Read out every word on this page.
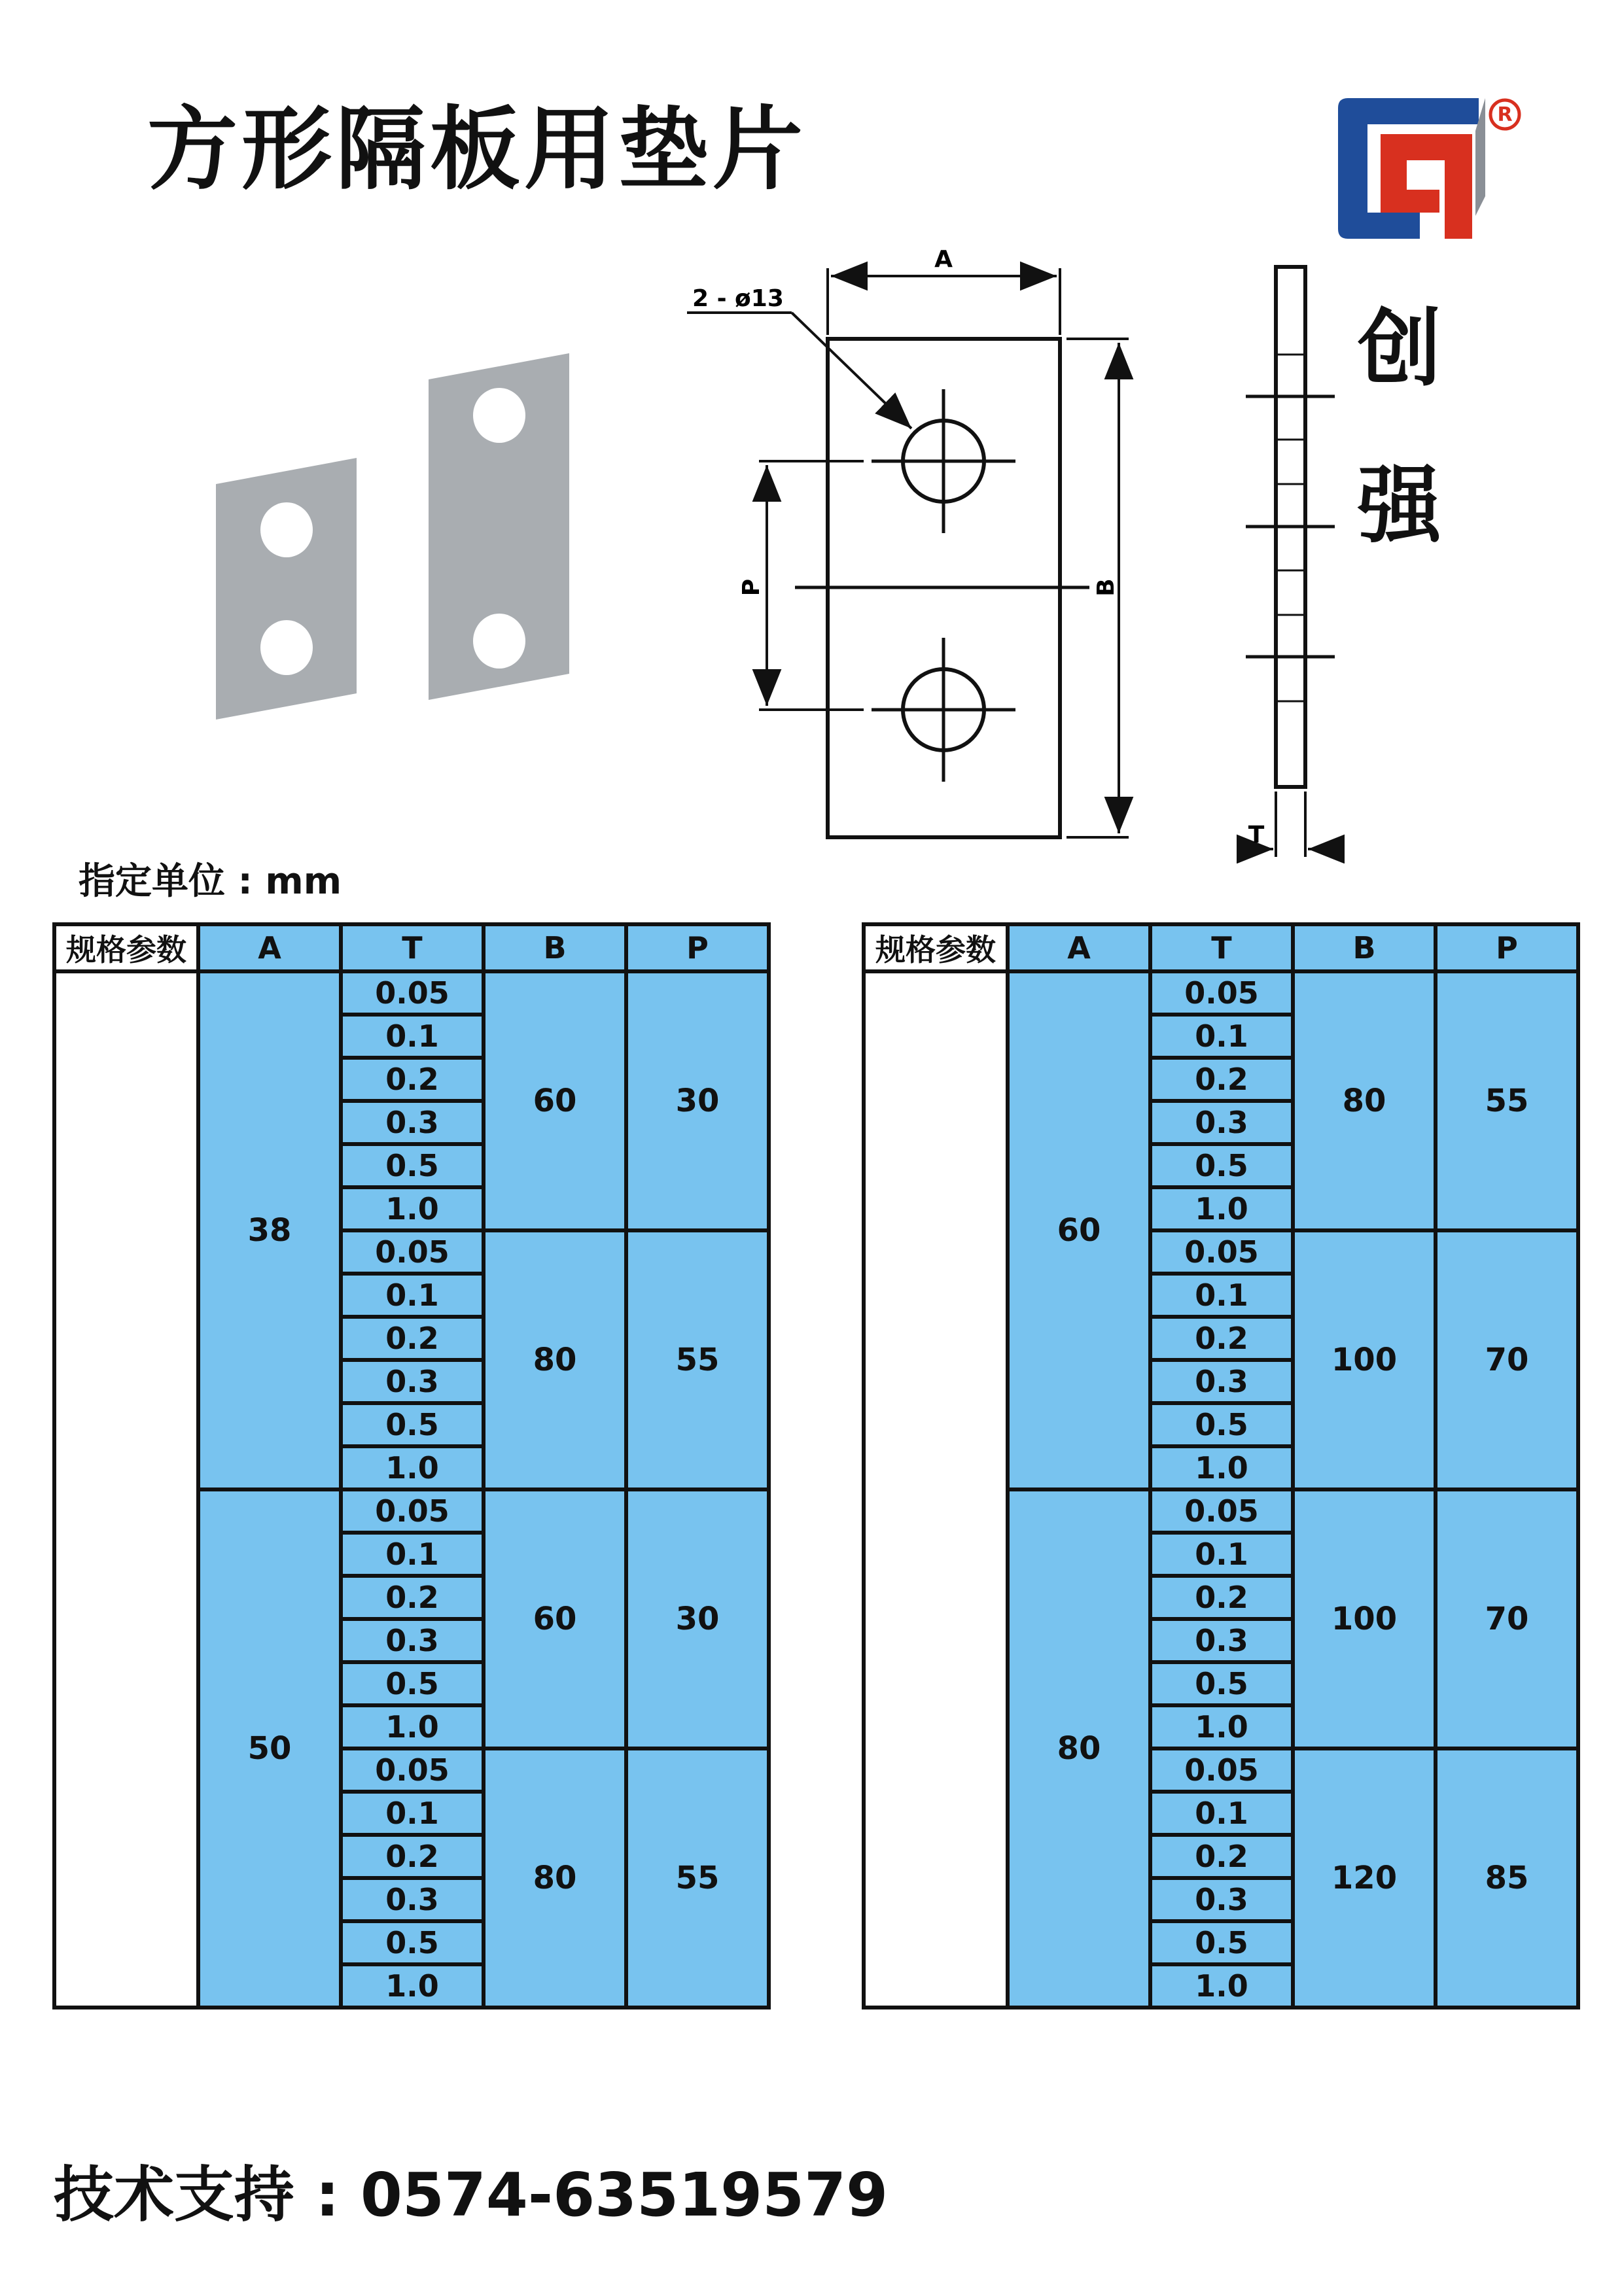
方形隔板用垫片	R
创
强
A
B
P
2 - ø13
T
指定单位 : mm
规格参数	A	T	B	P
	38	0.05	60	30
		0.1		
		0.2		
		0.3		
		0.5		
		1.0		
		0.05	80	55
		0.1		
		0.2		
		0.3		
		0.5		
		1.0		
	50	0.05	60	30
		0.1		
		0.2		
		0.3		
		0.5		
		1.0		
		0.05	80	55
		0.1		
		0.2		
		0.3		
		0.5		
		1.0		
规格参数	A	T	B	P
	60	0.05	80	55
		0.1		
		0.2		
		0.3		
		0.5		
		1.0		
		0.05	100	70
		0.1		
		0.2		
		0.3		
		0.5		
		1.0		
	80	0.05	100	70
		0.1		
		0.2		
		0.3		
		0.5		
		1.0		
		0.05	120	85
		0.1		
		0.2		
		0.3		
		0.5		
		1.0		
技术支持 : 0574-63519579
